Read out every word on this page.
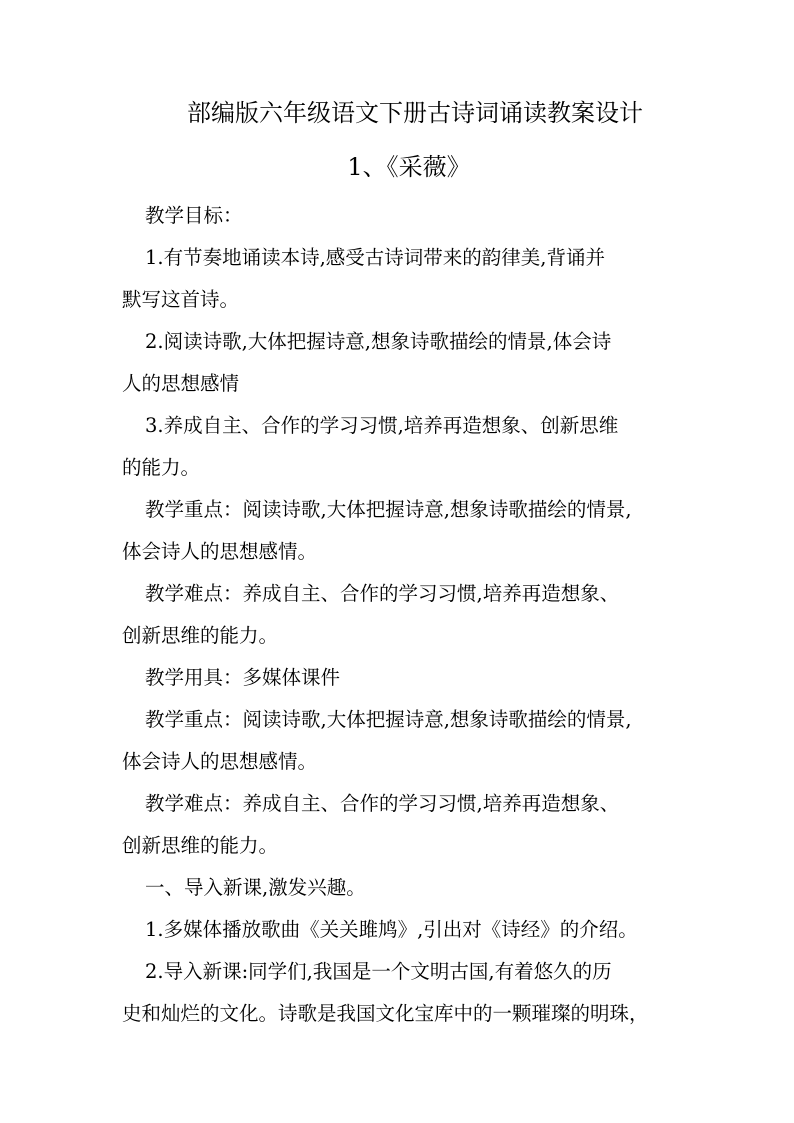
部编版六年级语文下册古诗词诵读教案设计
1、《采薇》
教学目标：
1.有节奏地诵读本诗,感受古诗词带来的韵律美,背诵并
默写这首诗。
2.阅读诗歌,大体把握诗意,想象诗歌描绘的情景,体会诗
人的思想感情
3.养成自主、合作的学习习惯,培养再造想象、创新思维
的能力。
教学重点：阅读诗歌,大体把握诗意,想象诗歌描绘的情景,
体会诗人的思想感情。
教学难点：养成自主、合作的学习习惯,培养再造想象、
创新思维的能力。
教学用具：多媒体课件
教学重点：阅读诗歌,大体把握诗意,想象诗歌描绘的情景,
体会诗人的思想感情。
教学难点：养成自主、合作的学习习惯,培养再造想象、
创新思维的能力。
一、导入新课,激发兴趣。
1.多媒体播放歌曲《关关雎鸠》,引出对《诗经》的介绍。
2.导入新课:同学们,我国是一个文明古国,有着悠久的历
史和灿烂的文化。诗歌是我国文化宝库中的一颗璀璨的明珠，
